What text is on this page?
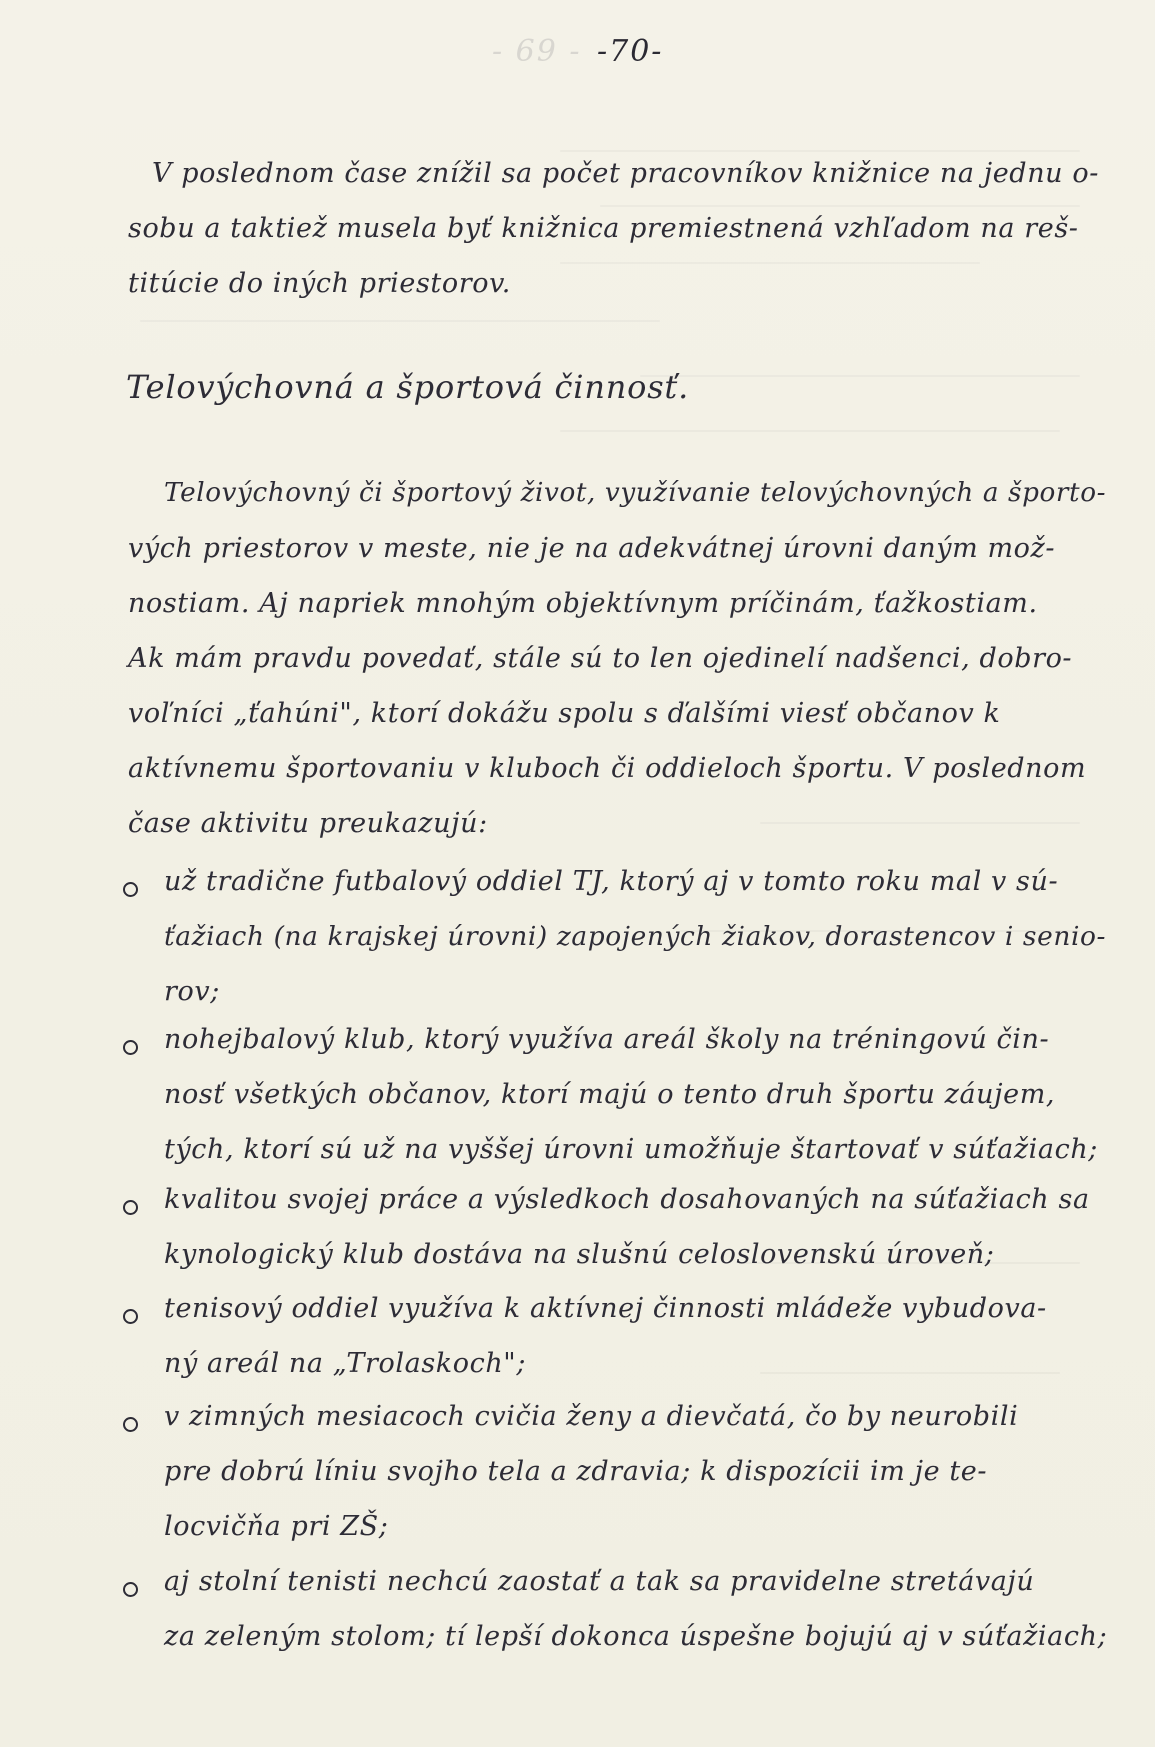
- 69 - -70-
V poslednom čase znížil sa počet pracovníkov knižnice na jednu o-
sobu a taktiež musela byť knižnica premiestnená vzhľadom na reš-
titúcie do iných priestorov.
Telovýchovná a športová činnosť.
Telovýchovný či športový život, využívanie telovýchovných a športo-
vých priestorov v meste, nie je na adekvátnej úrovni daným mož-
nostiam. Aj napriek mnohým objektívnym príčinám, ťažkostiam.
Ak mám pravdu povedať, stále sú to len ojedinelí nadšenci, dobro-
voľníci „ťahúni", ktorí dokážu spolu s ďalšími viesť občanov k
aktívnemu športovaniu v kluboch či oddieloch športu. V poslednom
čase aktivitu preukazujú:
už tradične futbalový oddiel TJ, ktorý aj v tomto roku mal v sú-
ťažiach (na krajskej úrovni) zapojených žiakov, dorastencov i senio-
rov;
nohejbalový klub, ktorý využíva areál školy na tréningovú čin-
nosť všetkých občanov, ktorí majú o tento druh športu záujem,
tých, ktorí sú už na vyššej úrovni umožňuje štartovať v súťažiach;
kvalitou svojej práce a výsledkoch dosahovaných na súťažiach sa
kynologický klub dostáva na slušnú celoslovenskú úroveň;
tenisový oddiel využíva k aktívnej činnosti mládeže vybudova-
ný areál na „Trolaskoch";
v zimných mesiacoch cvičia ženy a dievčatá, čo by neurobili
pre dobrú líniu svojho tela a zdravia; k dispozícii im je te-
locvičňa pri ZŠ;
aj stolní tenisti nechcú zaostať a tak sa pravidelne stretávajú
za zeleným stolom; tí lepší dokonca úspešne bojujú aj v súťažiach;
